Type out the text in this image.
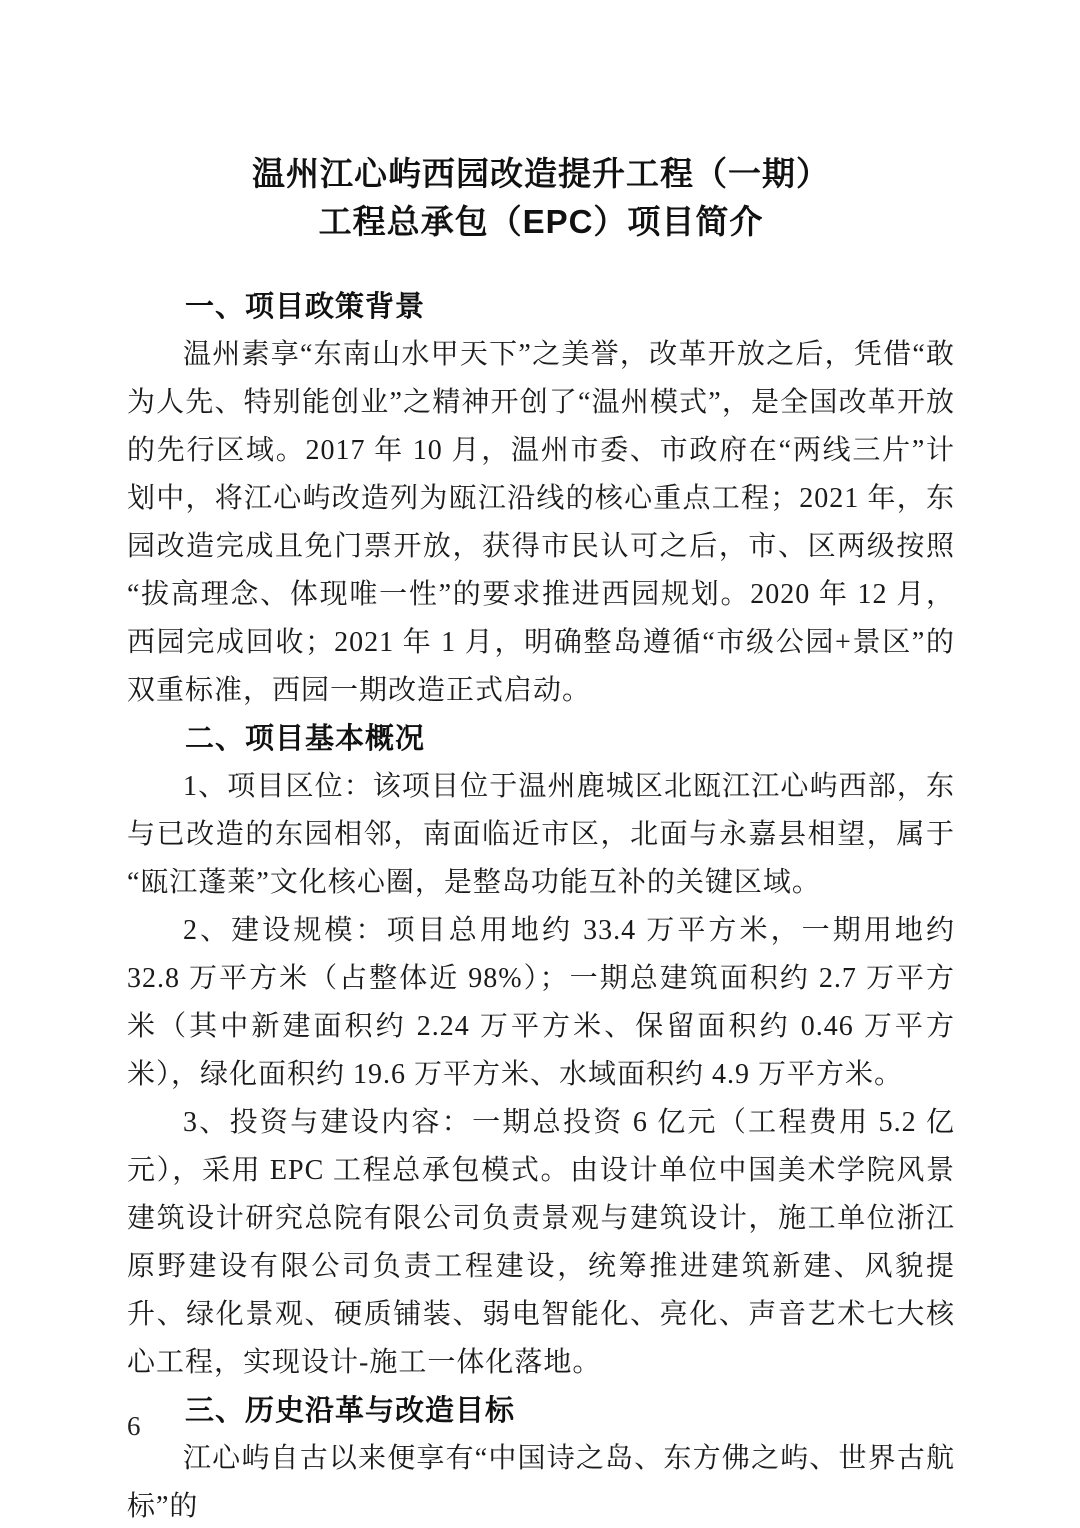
温州江心屿西园改造提升工程（一期）
工程总承包（EPC）项目简介
一、项目政策背景

温州素享“东南山水甲天下”之美誉，改革开放之后，凭借“敢为人先、特别能创业”之精神开创了“温州模式”，是全国改革开放的先行区域。2017 年 10 月，温州市委、市政府在“两线三片”计划中，将江心屿改造列为瓯江沿线的核心重点工程；2021 年，东园改造完成且免门票开放，获得市民认可之后，市、区两级按照“拔高理念、体现唯一性”的要求推进西园规划。2020 年 12 月，西园完成回收；2021 年 1 月，明确整岛遵循“市级公园+景区”的双重标准，西园一期改造正式启动。

二、项目基本概况

1、项目区位：该项目位于温州鹿城区北瓯江江心屿西部，东与已改造的东园相邻，南面临近市区，北面与永嘉县相望，属于“瓯江蓬莱”文化核心圈，是整岛功能互补的关键区域。

2、建设规模：项目总用地约 33.4 万平方米，一期用地约 32.8 万平方米（占整体近 98%）；一期总建筑面积约 2.7 万平方米（其中新建面积约 2.24 万平方米、保留面积约 0.46 万平方米），绿化面积约 19.6 万平方米、水域面积约 4.9 万平方米。

3、投资与建设内容：一期总投资 6 亿元（工程费用 5.2 亿元），采用 EPC 工程总承包模式。由设计单位中国美术学院风景建筑设计研究总院有限公司负责景观与建筑设计，施工单位浙江原野建设有限公司负责工程建设，统筹推进建筑新建、风貌提升、绿化景观、硬质铺装、弱电智能化、亮化、声音艺术七大核心工程，实现设计-施工一体化落地。

三、历史沿革与改造目标

江心屿自古以来便享有“中国诗之岛、东方佛之屿、世界古航标”的

6
